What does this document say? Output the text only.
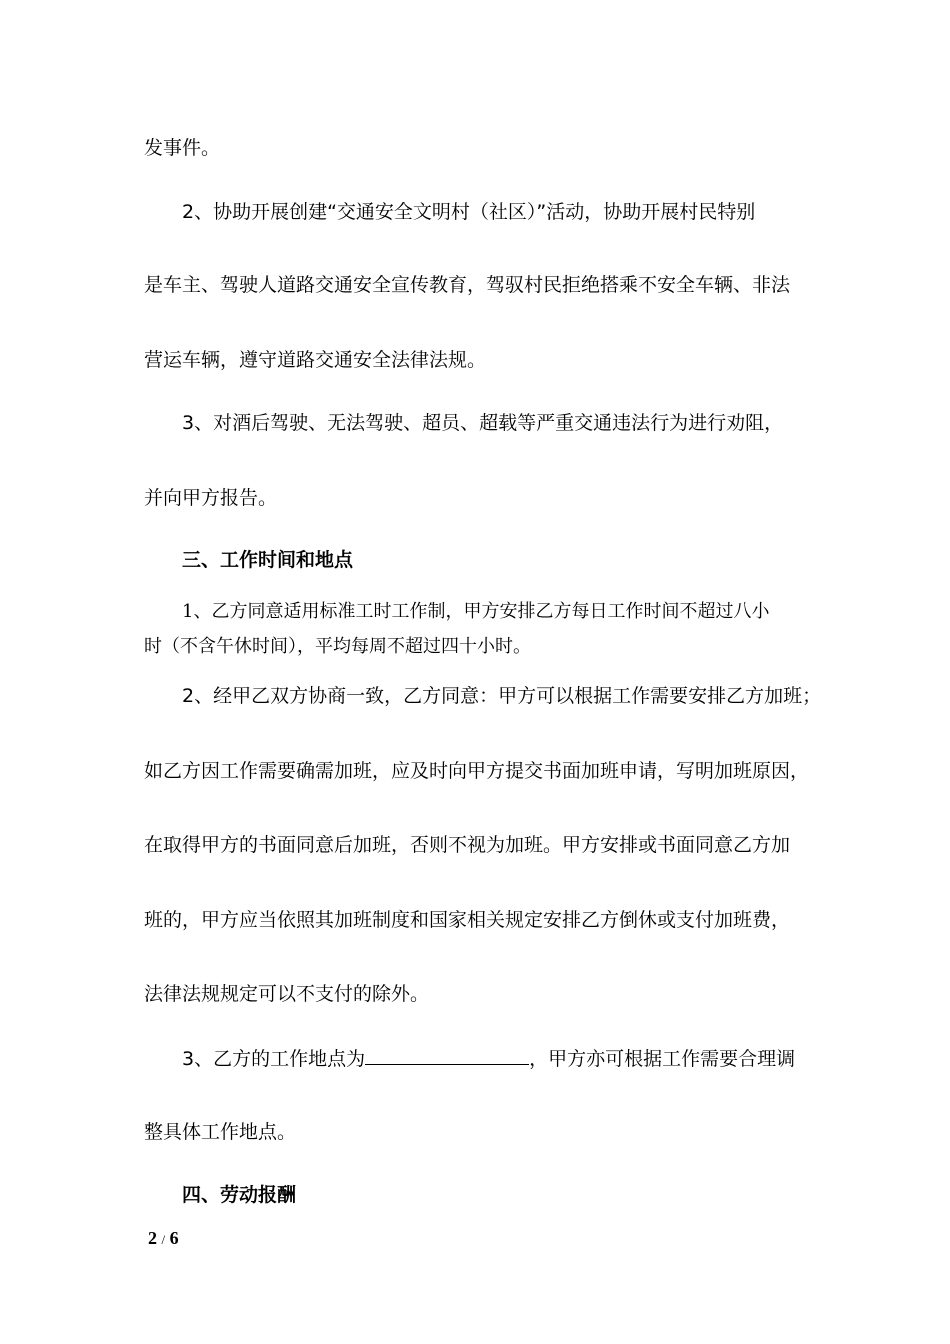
发事件。
2、协助开展创建“交通安全文明村（社区）”活动，协助开展村民特别
是车主、驾驶人道路交通安全宣传教育，驾驭村民拒绝搭乘不安全车辆、非法
营运车辆，遵守道路交通安全法律法规。
3、对酒后驾驶、无法驾驶、超员、超载等严重交通违法行为进行劝阻，
并向甲方报告。
三、工作时间和地点
1、乙方同意适用标准工时工作制，甲方安排乙方每日工作时间不超过八小
时（不含午休时间），平均每周不超过四十小时。
2、经甲乙双方协商一致，乙方同意：甲方可以根据工作需要安排乙方加班；
如乙方因工作需要确需加班，应及时向甲方提交书面加班申请，写明加班原因，
在取得甲方的书面同意后加班，否则不视为加班。甲方安排或书面同意乙方加
班的，甲方应当依照其加班制度和国家相关规定安排乙方倒休或支付加班费，
法律法规规定可以不支付的除外。
3、乙方的工作地点为	，甲方亦可根据工作需要合理调
整具体工作地点。
四、劳动报酬
2 / 6
